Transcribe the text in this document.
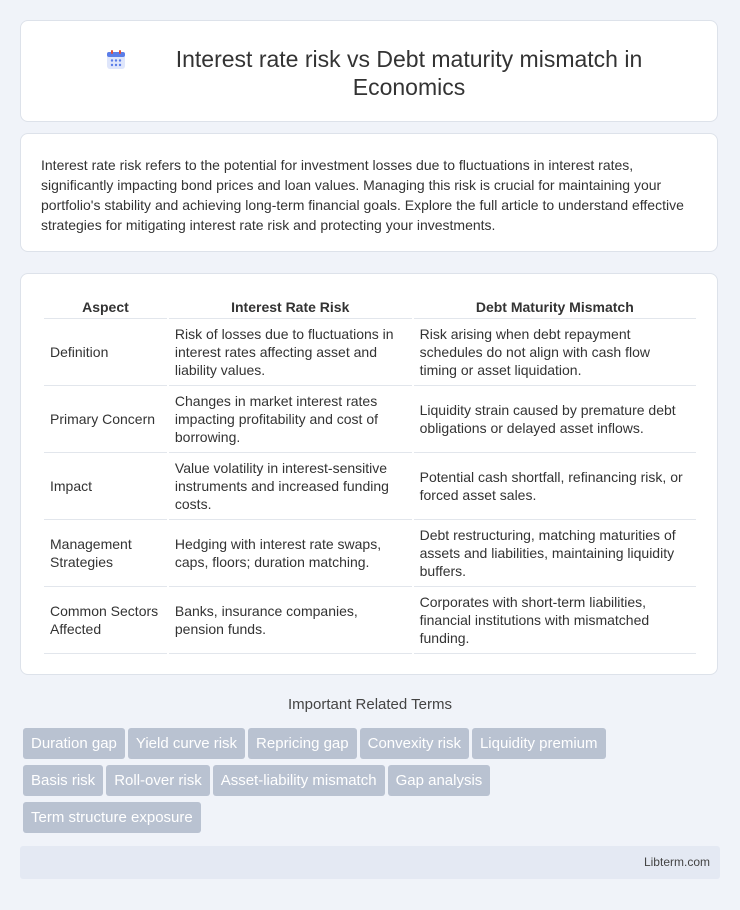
Interest rate risk vs Debt maturity mismatch in Economics

Interest rate risk refers to the potential for investment losses due to fluctuations in interest rates, significantly impacting bond prices and loan values. Managing this risk is crucial for maintaining your portfolio's stability and achieving long-term financial goals. Explore the full article to understand effective strategies for mitigating interest rate risk and protecting your investments.

Aspect	Interest Rate Risk	Debt Maturity Mismatch
Definition	Risk of losses due to fluctuations in interest rates affecting asset and liability values.	Risk arising when debt repayment schedules do not align with cash flow timing or asset liquidation.
Primary Concern	Changes in market interest rates impacting profitability and cost of borrowing.	Liquidity strain caused by premature debt obligations or delayed asset inflows.
Impact	Value volatility in interest-sensitive instruments and increased funding costs.	Potential cash shortfall, refinancing risk, or forced asset sales.
Management Strategies	Hedging with interest rate swaps, caps, floors; duration matching.	Debt restructuring, matching maturities of assets and liabilities, maintaining liquidity buffers.
Common Sectors Affected	Banks, insurance companies, pension funds.	Corporates with short-term liabilities, financial institutions with mismatched funding.
Important Related Terms
Duration gap Yield curve risk Repricing gap Convexity risk Liquidity premium
Basis risk Roll-over risk Asset-liability mismatch Gap analysis
Term structure exposure
Libterm.com
